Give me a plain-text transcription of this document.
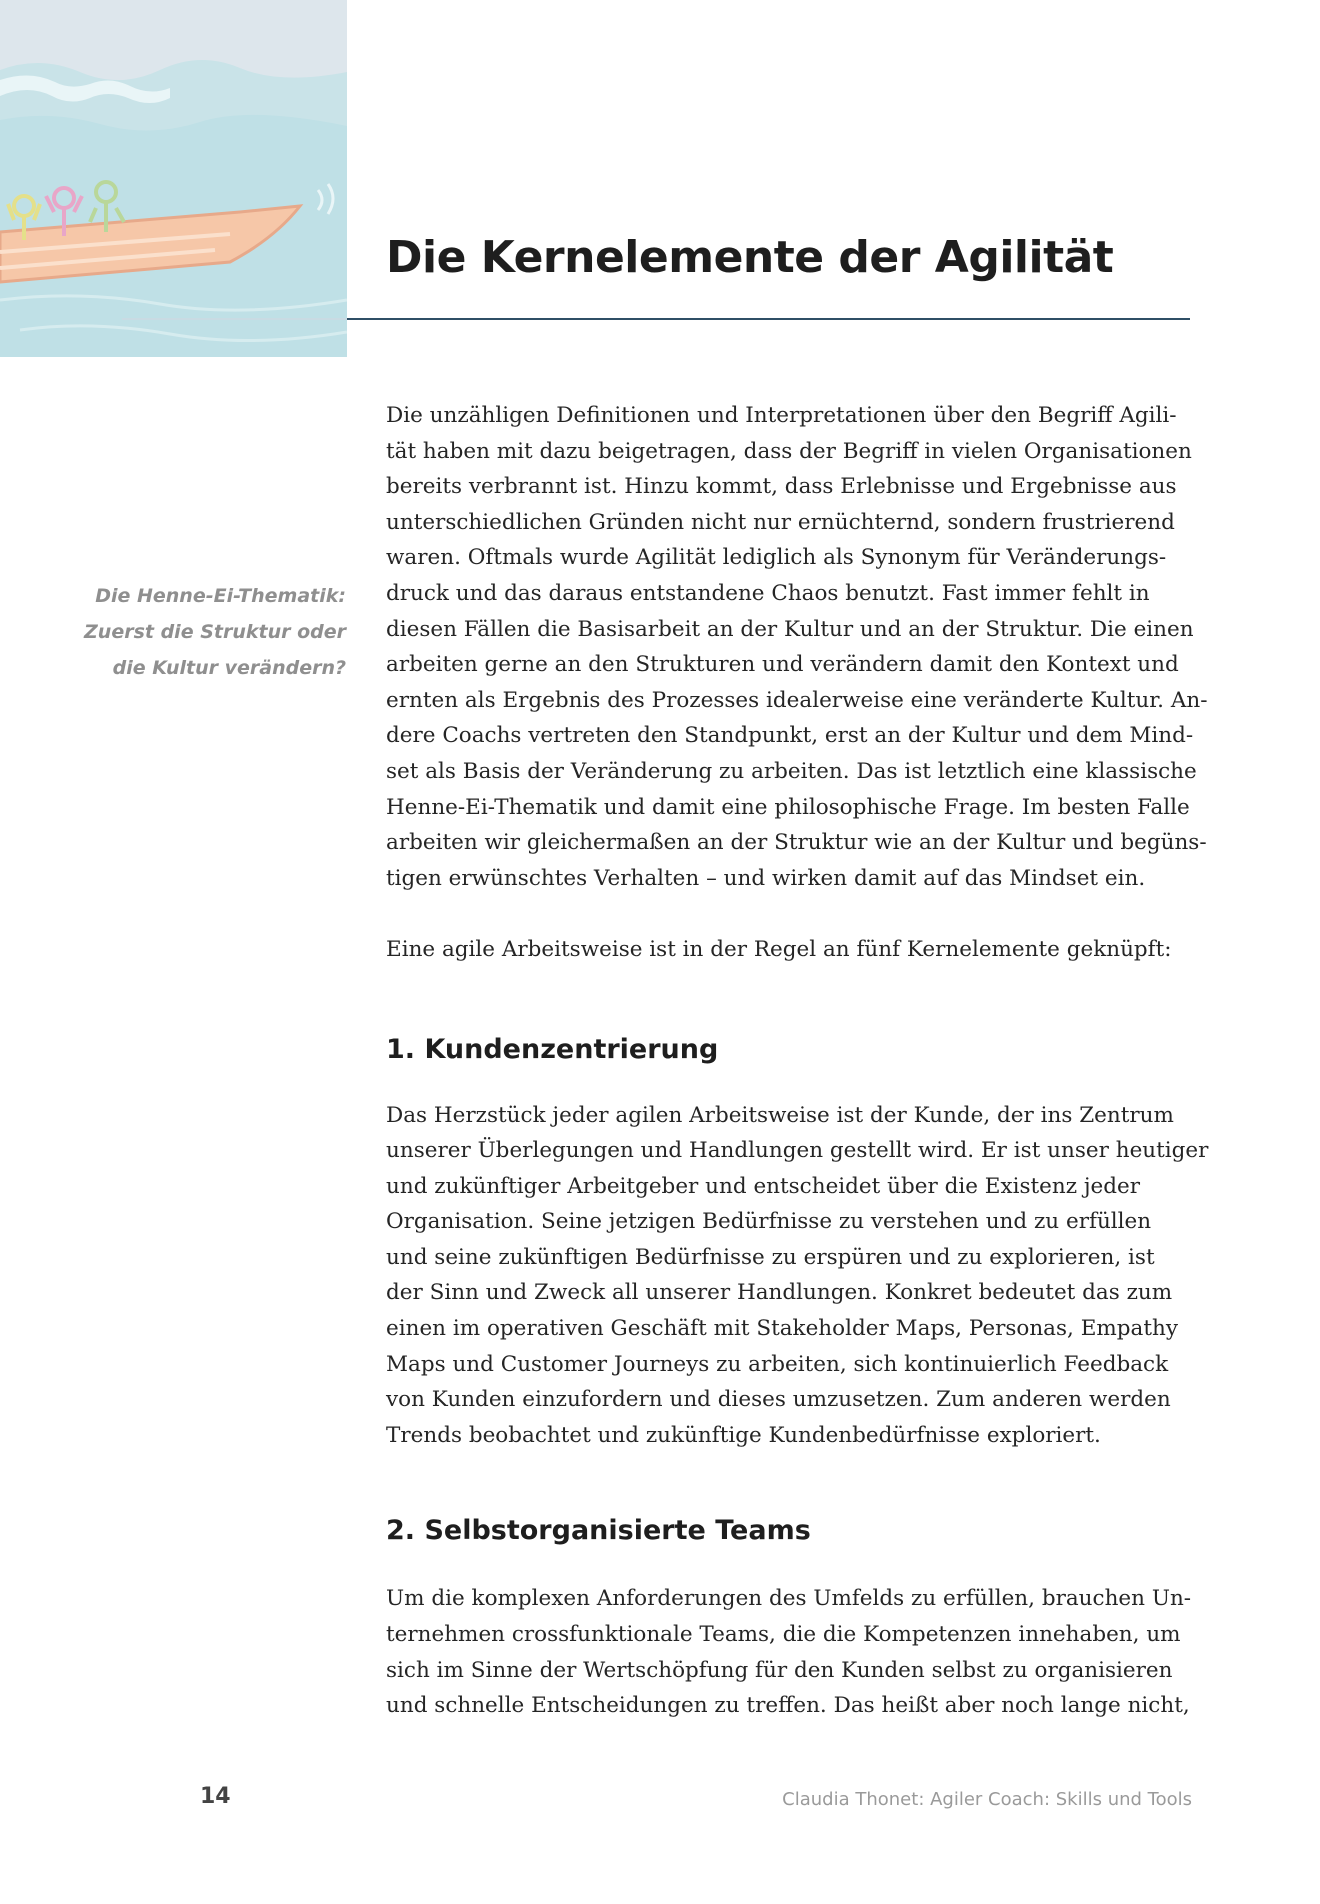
Die Kernelemente der Agilität
Die Henne-Ei-Thematik: Zuerst die Struktur oder die Kultur verändern?

Die unzähligen Definitionen und Interpretationen über den Begriff Agili-
tät haben mit dazu beigetragen, dass der Begriff in vielen Organisationen
bereits verbrannt ist. Hinzu kommt, dass Erlebnisse und Ergebnisse aus
unterschiedlichen Gründen nicht nur ernüchternd, sondern frustrierend
waren. Oftmals wurde Agilität lediglich als Synonym für Veränderungs-
druck und das daraus entstandene Chaos benutzt. Fast immer fehlt in
diesen Fällen die Basisarbeit an der Kultur und an der Struktur. Die einen
arbeiten gerne an den Strukturen und verändern damit den Kontext und
ernten als Ergebnis des Prozesses idealerweise eine veränderte Kultur. An-
dere Coachs vertreten den Standpunkt, erst an der Kultur und dem Mind-
set als Basis der Veränderung zu arbeiten. Das ist letztlich eine klassische
Henne-Ei-Thematik und damit eine philosophische Frage. Im besten Falle
arbeiten wir gleichermaßen an der Struktur wie an der Kultur und begüns-
tigen erwünschtes Verhalten – und wirken damit auf das Mindset ein.

Eine agile Arbeitsweise ist in der Regel an fünf Kernelemente geknüpft:

1. Kundenzentrierung

Das Herzstück jeder agilen Arbeitsweise ist der Kunde, der ins Zentrum
unserer Überlegungen und Handlungen gestellt wird. Er ist unser heutiger
und zukünftiger Arbeitgeber und entscheidet über die Existenz jeder
Organisation. Seine jetzigen Bedürfnisse zu verstehen und zu erfüllen
und seine zukünftigen Bedürfnisse zu erspüren und zu explorieren, ist
der Sinn und Zweck all unserer Handlungen. Konkret bedeutet das zum
einen im operativen Geschäft mit Stakeholder Maps, Personas, Empathy
Maps und Customer Journeys zu arbeiten, sich kontinuierlich Feedback
von Kunden einzufordern und dieses umzusetzen. Zum anderen werden
Trends beobachtet und zukünftige Kundenbedürfnisse exploriert.

2. Selbstorganisierte Teams

Um die komplexen Anforderungen des Umfelds zu erfüllen, brauchen Un-
ternehmen crossfunktionale Teams, die die Kompetenzen innehaben, um
sich im Sinne der Wertschöpfung für den Kunden selbst zu organisieren
und schnelle Entscheidungen zu treffen. Das heißt aber noch lange nicht,

14	Claudia Thonet: Agiler Coach: Skills und Tools
